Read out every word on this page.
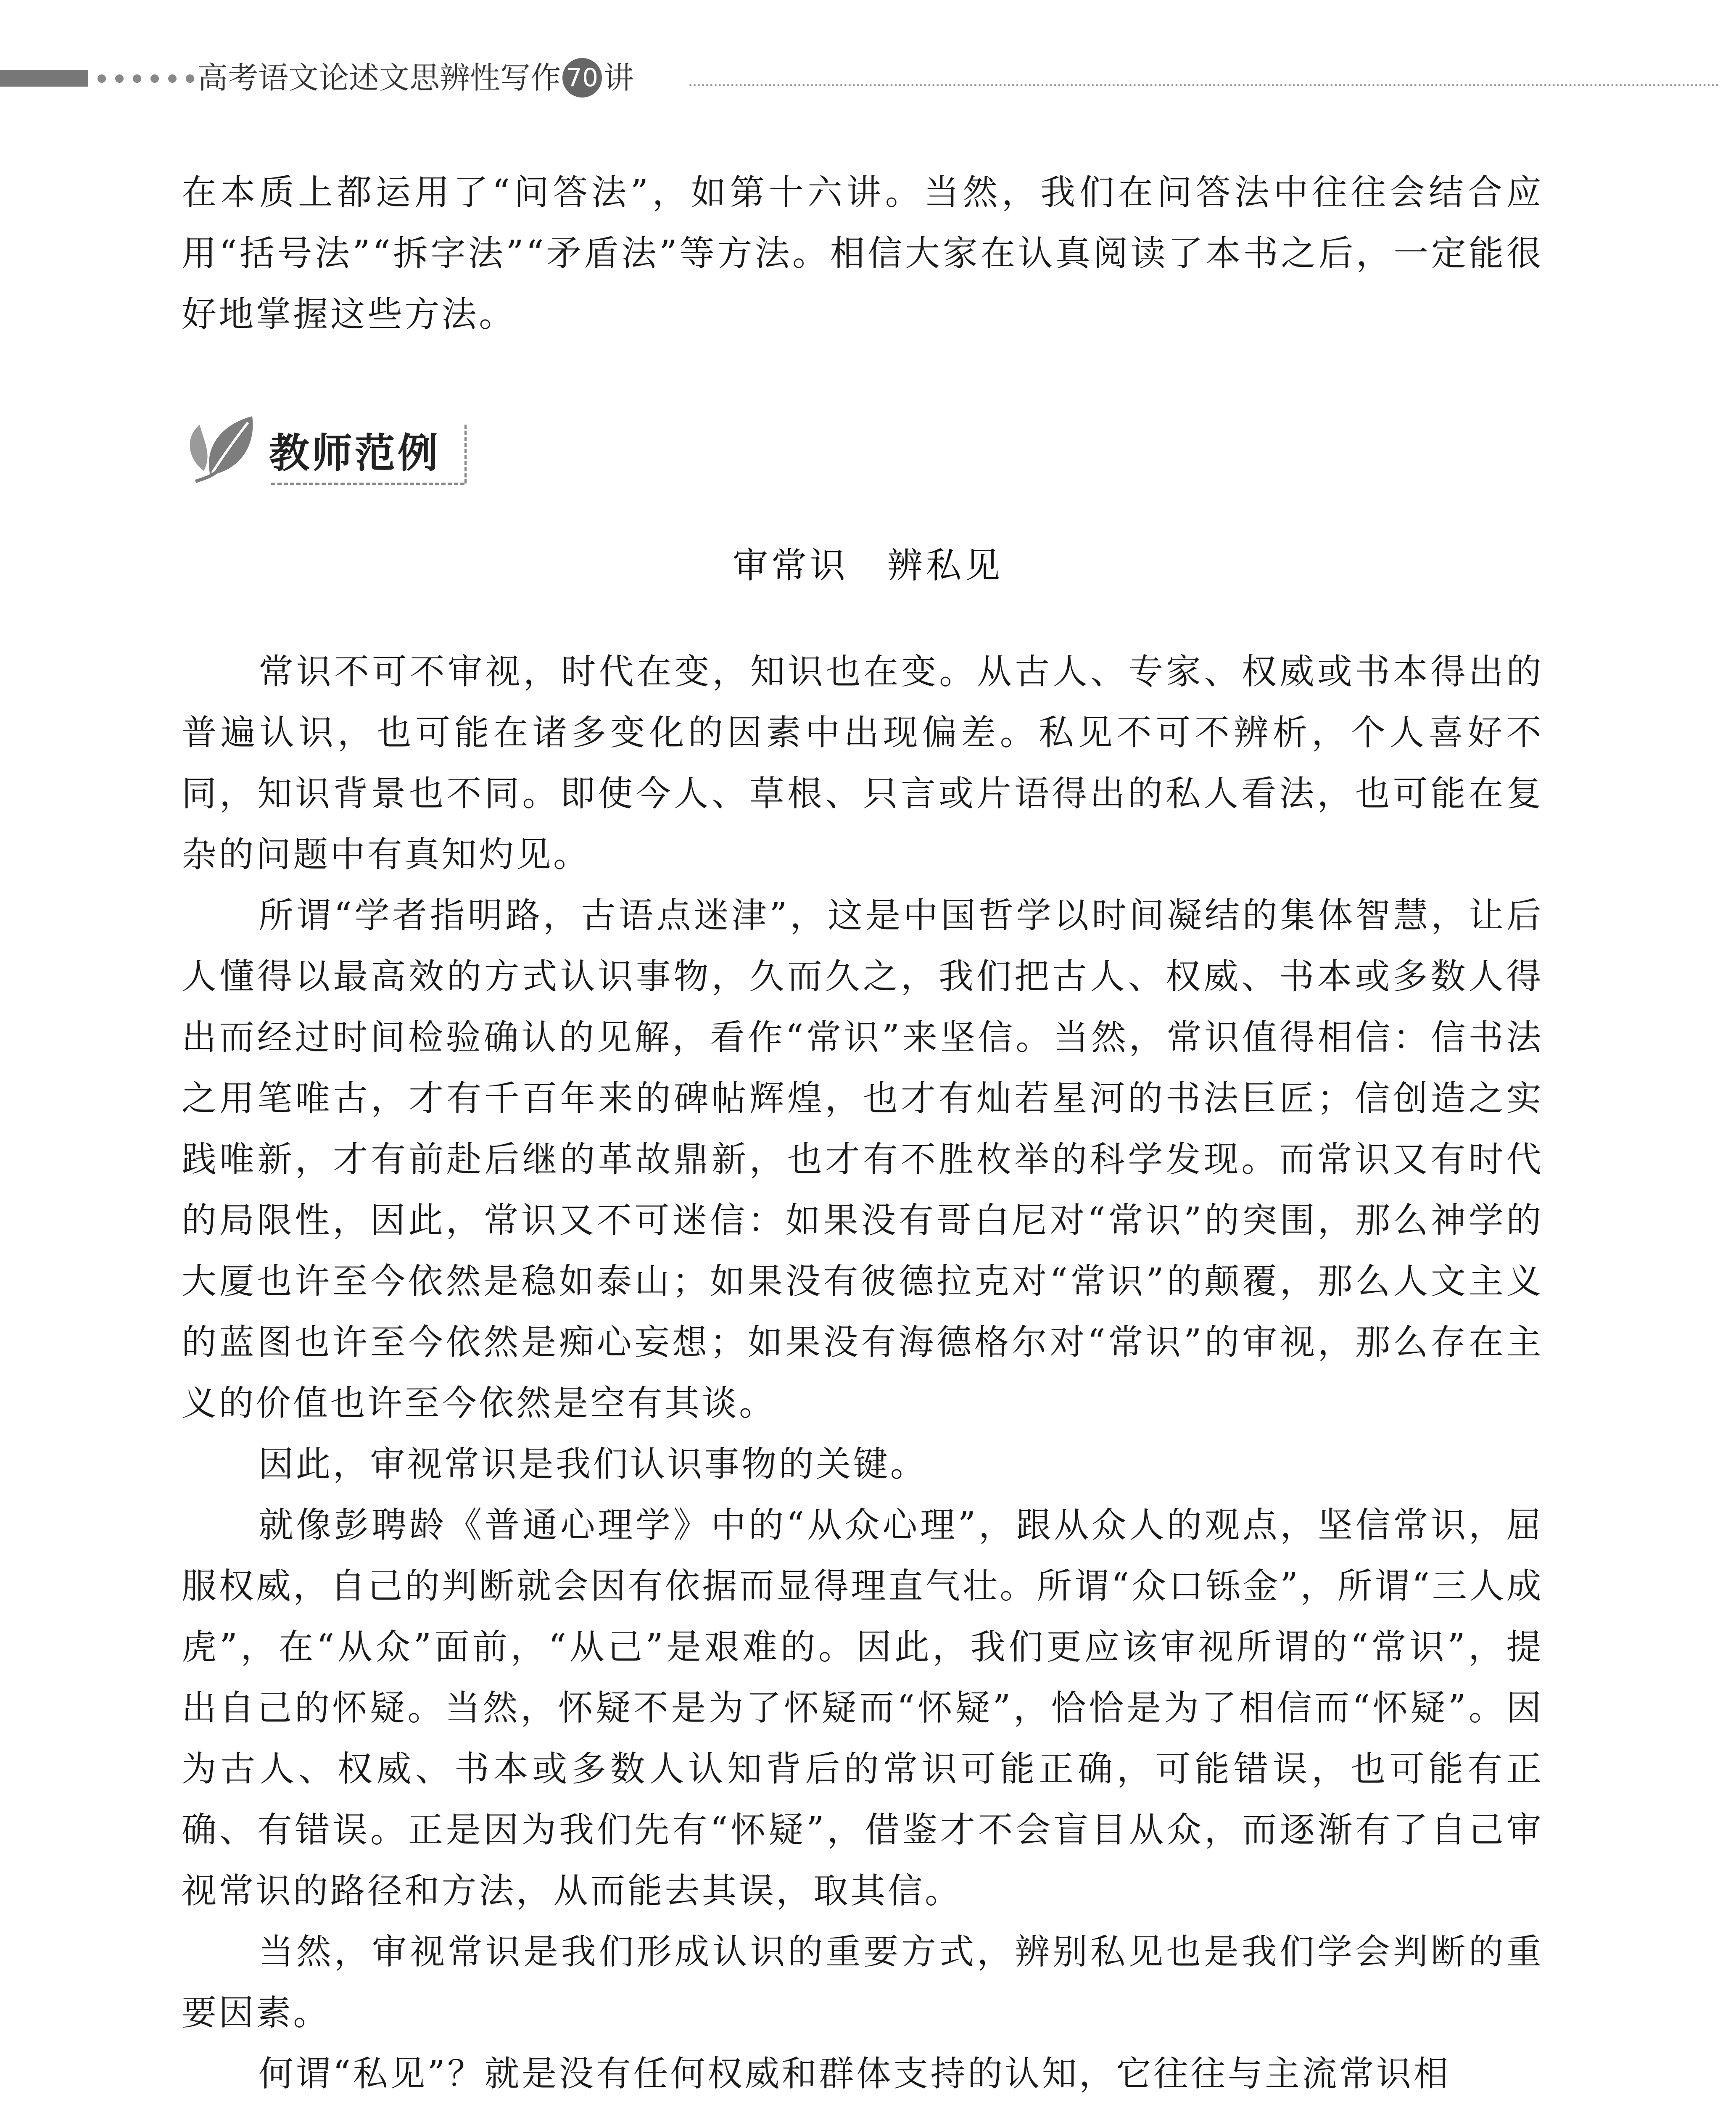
高考语文论述文思辨性写作 70 讲

在本质上都运用了“问答法”，如第十六讲。当然，我们在问答法中往往会结合应用“括号法”“拆字法”“矛盾法”等方法。相信大家在认真阅读了本书之后，一定能很好地掌握这些方法。

教师范例
审常识　辨私见

常识不可不审视，时代在变，知识也在变。从古人、专家、权威或书本得出的普遍认识，也可能在诸多变化的因素中出现偏差。私见不可不辨析，个人喜好不同，知识背景也不同。即使今人、草根、只言或片语得出的私人看法，也可能在复杂的问题中有真知灼见。

所谓“学者指明路，古语点迷津”，这是中国哲学以时间凝结的集体智慧，让后人懂得以最高效的方式认识事物，久而久之，我们把古人、权威、书本或多数人得出而经过时间检验确认的见解，看作“常识”来坚信。当然，常识值得相信：信书法之用笔唯古，才有千百年来的碑帖辉煌，也才有灿若星河的书法巨匠；信创造之实践唯新，才有前赴后继的革故鼎新，也才有不胜枚举的科学发现。而常识又有时代的局限性，因此，常识又不可迷信：如果没有哥白尼对“常识”的突围，那么神学的大厦也许至今依然是稳如泰山；如果没有彼德拉克对“常识”的颠覆，那么人文主义的蓝图也许至今依然是痴心妄想；如果没有海德格尔对“常识”的审视，那么存在主义的价值也许至今依然是空有其谈。

因此，审视常识是我们认识事物的关键。

就像彭聘龄《普通心理学》中的“从众心理”，跟从众人的观点，坚信常识，屈服权威，自己的判断就会因有依据而显得理直气壮。所谓“众口铄金”，所谓“三人成虎”，在“从众”面前，“从己”是艰难的。因此，我们更应该审视所谓的“常识”，提出自己的怀疑。当然，怀疑不是为了怀疑而“怀疑”，恰恰是为了相信而“怀疑”。因为古人、权威、书本或多数人认知背后的常识可能正确，可能错误，也可能有正确、有错误。正是因为我们先有“怀疑”，借鉴才不会盲目从众，而逐渐有了自己审视常识的路径和方法，从而能去其误，取其信。

当然，审视常识是我们形成认识的重要方式，辨别私见也是我们学会判断的重要因素。

何谓“私见”？就是没有任何权威和群体支持的认知，它往往与主流常识相
